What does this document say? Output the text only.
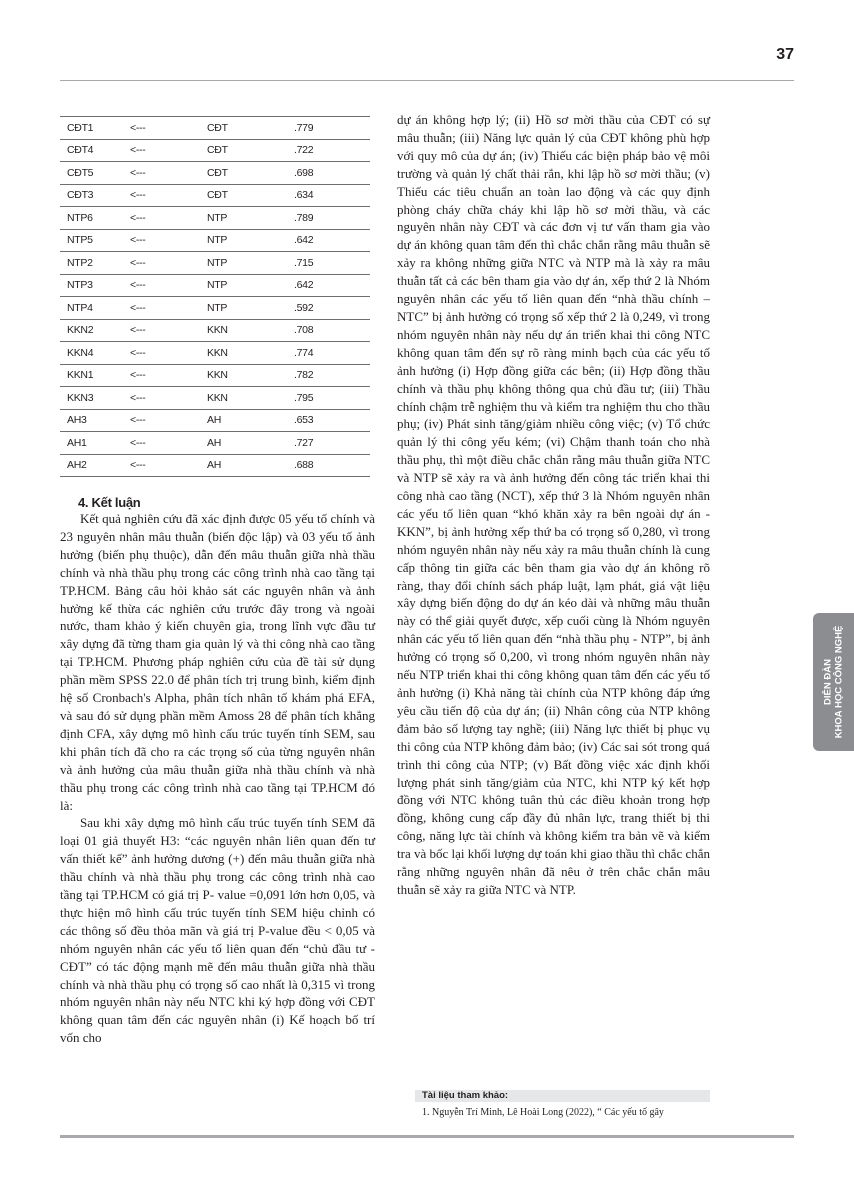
37
CĐT1	<---	CĐT	.779
CĐT4	<---	CĐT	.722
CĐT5	<---	CĐT	.698
CĐT3	<---	CĐT	.634
NTP6	<---	NTP	.789
NTP5	<---	NTP	.642
NTP2	<---	NTP	.715
NTP3	<---	NTP	.642
NTP4	<---	NTP	.592
KKN2	<---	KKN	.708
KKN4	<---	KKN	.774
KKN1	<---	KKN	.782
KKN3	<---	KKN	.795
AH3	<---	AH	.653
AH1	<---	AH	.727
AH2	<---	AH	.688
4. Kết luận

Kết quả nghiên cứu đã xác định được 05 yếu tố chính và 23 nguyên nhân mâu thuẫn (biến độc lập) và 03 yếu tố ảnh hưởng (biến phụ thuộc), dẫn đến mâu thuẫn giữa nhà thầu chính và nhà thầu phụ trong các công trình nhà cao tầng tại TP.HCM. Bảng câu hỏi khảo sát các nguyên nhân và ảnh hưởng kế thừa các nghiên cứu trước đây trong và ngoài nước, tham khảo ý kiến chuyên gia, trong lĩnh vực đầu tư xây dựng đã từng tham gia quản lý và thi công nhà cao tầng tại TP.HCM. Phương pháp nghiên cứu của đề tài sử dụng phần mềm SPSS 22.0 để phân tích trị trung bình, kiểm định hệ số Cronbach's Alpha, phân tích nhân tố khám phá EFA, và sau đó sử dụng phần mềm Amoss 28 để phân tích khẳng định CFA, xây dựng mô hình cấu trúc tuyến tính SEM, sau khi phân tích đã cho ra các trọng số của từng nguyên nhân và ảnh hưởng của mâu thuẫn giữa nhà thầu chính và nhà thầu phụ trong các công trình nhà cao tầng tại TP.HCM đó là:

Sau khi xây dựng mô hình cấu trúc tuyến tính SEM đã loại 01 giả thuyết H3: “các nguyên nhân liên quan đến tư vấn thiết kế” ảnh hưởng dương (+) đến mâu thuẫn giữa nhà thầu chính và nhà thầu phụ trong các công trình nhà cao tầng tại TP.HCM có giá trị P- value =0,091 lớn hơn 0,05, và thực hiện mô hình cấu trúc tuyến tính SEM hiệu chỉnh có các thông số đều thỏa mãn và giá trị P-value đều < 0,05 và nhóm nguyên nhân các yếu tố liên quan đến “chủ đầu tư - CĐT” có tác động mạnh mẽ đến mâu thuẫn giữa nhà thầu chính và nhà thầu phụ có trọng số cao nhất là 0,315 vì trong nhóm nguyên nhân này nếu NTC khi ký hợp đồng với CĐT không quan tâm đến các nguyên nhân (i) Kế hoạch bố trí vốn cho

dự án không hợp lý; (ii) Hồ sơ mời thầu của CĐT có sự mâu thuẫn; (iii) Năng lực quản lý của CĐT không phù hợp với quy mô của dự án; (iv) Thiếu các biện pháp bảo vệ môi trường và quản lý chất thải rắn, khi lập hồ sơ mời thầu; (v) Thiếu các tiêu chuẩn an toàn lao động và các quy định phòng cháy chữa cháy khi lập hồ sơ mời thầu, và các nguyên nhân này CĐT và các đơn vị tư vấn tham gia vào dự án không quan tâm đến thì chắc chắn rằng mâu thuẫn sẽ xảy ra không những giữa NTC và NTP mà là xảy ra mâu thuẫn tất cả các bên tham gia vào dự án, xếp thứ 2 là Nhóm nguyên nhân các yếu tố liên quan đến “nhà thầu chính – NTC” bị ảnh hưởng có trọng số xếp thứ 2 là 0,249, vì trong nhóm nguyên nhân này nếu dự án triển khai thi công NTC không quan tâm đến sự rõ ràng minh bạch của các yếu tố ảnh hưởng (i) Hợp đồng giữa các bên; (ii) Hợp đồng thầu chính và thầu phụ không thông qua chủ đầu tư; (iii) Thầu chính chậm trễ nghiệm thu và kiểm tra nghiệm thu cho thầu phụ; (iv) Phát sinh tăng/giảm nhiều công việc; (v) Tổ chức quản lý thi công yếu kém; (vi) Chậm thanh toán cho nhà thầu phụ, thì một điều chắc chắn rằng mâu thuẫn giữa NTC và NTP sẽ xảy ra và ảnh hưởng đến công tác triển khai thi công nhà cao tầng (NCT), xếp thứ 3 là Nhóm nguyên nhân các yếu tố liên quan “khó khăn xảy ra bên ngoài dự án -KKN”, bị ảnh hưởng xếp thứ ba có trọng số 0,280, vì trong nhóm nguyên nhân này nếu xảy ra mâu thuẫn chính là cung cấp thông tin giữa các bên tham gia vào dự án không rõ ràng, thay đổi chính sách pháp luật, lạm phát, giá vật liệu xây dựng biến động do dự án kéo dài và những mâu thuẫn này có thể giải quyết được, xếp cuối cùng là Nhóm nguyên nhân các yếu tố liên quan đến “nhà thầu phụ - NTP”, bị ảnh hưởng có trọng số 0,200, vì trong nhóm nguyên nhân này nếu NTP triển khai thi công không quan tâm đến các yếu tố ảnh hưởng (i) Khả năng tài chính của NTP không đáp ứng yêu cầu tiến độ của dự án; (ii) Nhân công của NTP không đảm bảo số lượng tay nghề; (iii) Năng lực thiết bị phục vụ thi công của NTP không đảm bảo; (iv) Các sai sót trong quá trình thi công của NTP; (v) Bất đồng việc xác định khối lượng phát sinh tăng/giảm của NTC, khi NTP ký kết hợp đồng với NTC không tuân thủ các điều khoản trong hợp đồng, không cung cấp đầy đủ nhân lực, trang thiết bị thi công, năng lực tài chính và không kiểm tra bản vẽ và kiểm tra và bốc lại khối lượng dự toán khi giao thầu thì chắc chắn rằng những nguyên nhân đã nêu ở trên chắc chắn mâu thuẫn sẽ xảy ra giữa NTC và NTP.

Tài liệu tham khảo:
1. Nguyễn Trí Minh, Lê Hoài Long (2022), “ Các yếu tố gây
DIỄN ĐÀN KHOA HỌC CÔNG NGHỆ
